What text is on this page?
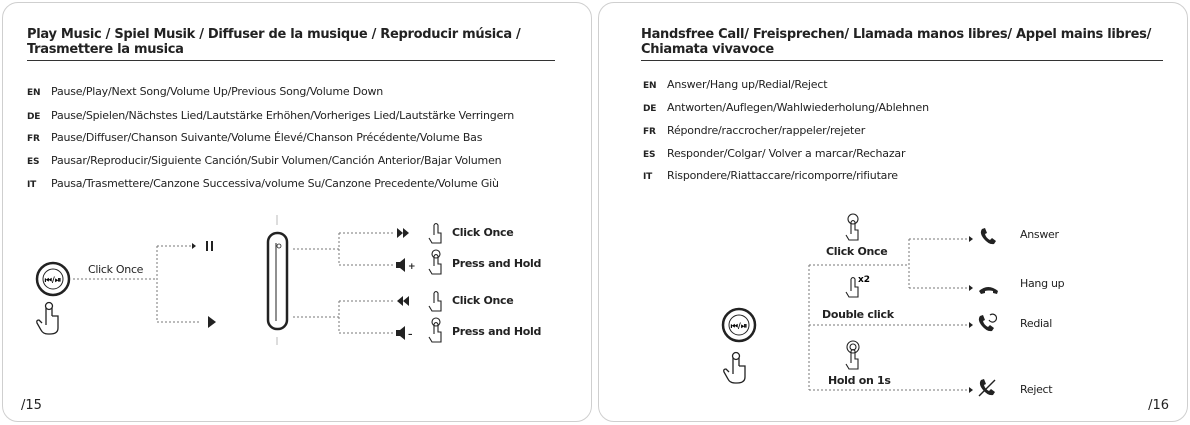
Play Music / Spiel Musik / Diffuser de la musique / Reproducir música / Trasmettere la musica
EN Pause/Play/Next Song/Volume Up/Previous Song/Volume Down
DE Pause/Spielen/Nächstes Lied/Lautstärke Erhöhen/Vorheriges Lied/Lautstärke Verringern
FR Pause/Diffuser/Chanson Suivante/Volume Élevé/Chanson Précédente/Volume Bas
ES Pausar/Reproducir/Siguiente Canción/Subir Volumen/Canción Anterior/Bajar Volumen
IT Pausa/Trasmettere/Canzone Successiva/volume Su/Canzone Precedente/Volume Giù
⏮/⏯
+
–
Click Once
Click Once
Press and Hold
Click Once
Press and Hold
/15
Handsfree Call/ Freisprechen/ Llamada manos libres/ Appel mains libres/ Chiamata vivavoce
EN Answer/Hang up/Redial/Reject
DE Antworten/Auflegen/Wahlwiederholung/Ablehnen
FR Répondre/raccrocher/rappeler/rejeter
ES Responder/Colgar/ Volver a marcar/Rechazar
IT Rispondere/Riattaccare/ricomporre/rifiutare
⏮/⏯
x2
Click Once
Double click
Hold on 1s
Answer
Hang up
Redial
Reject
/16
